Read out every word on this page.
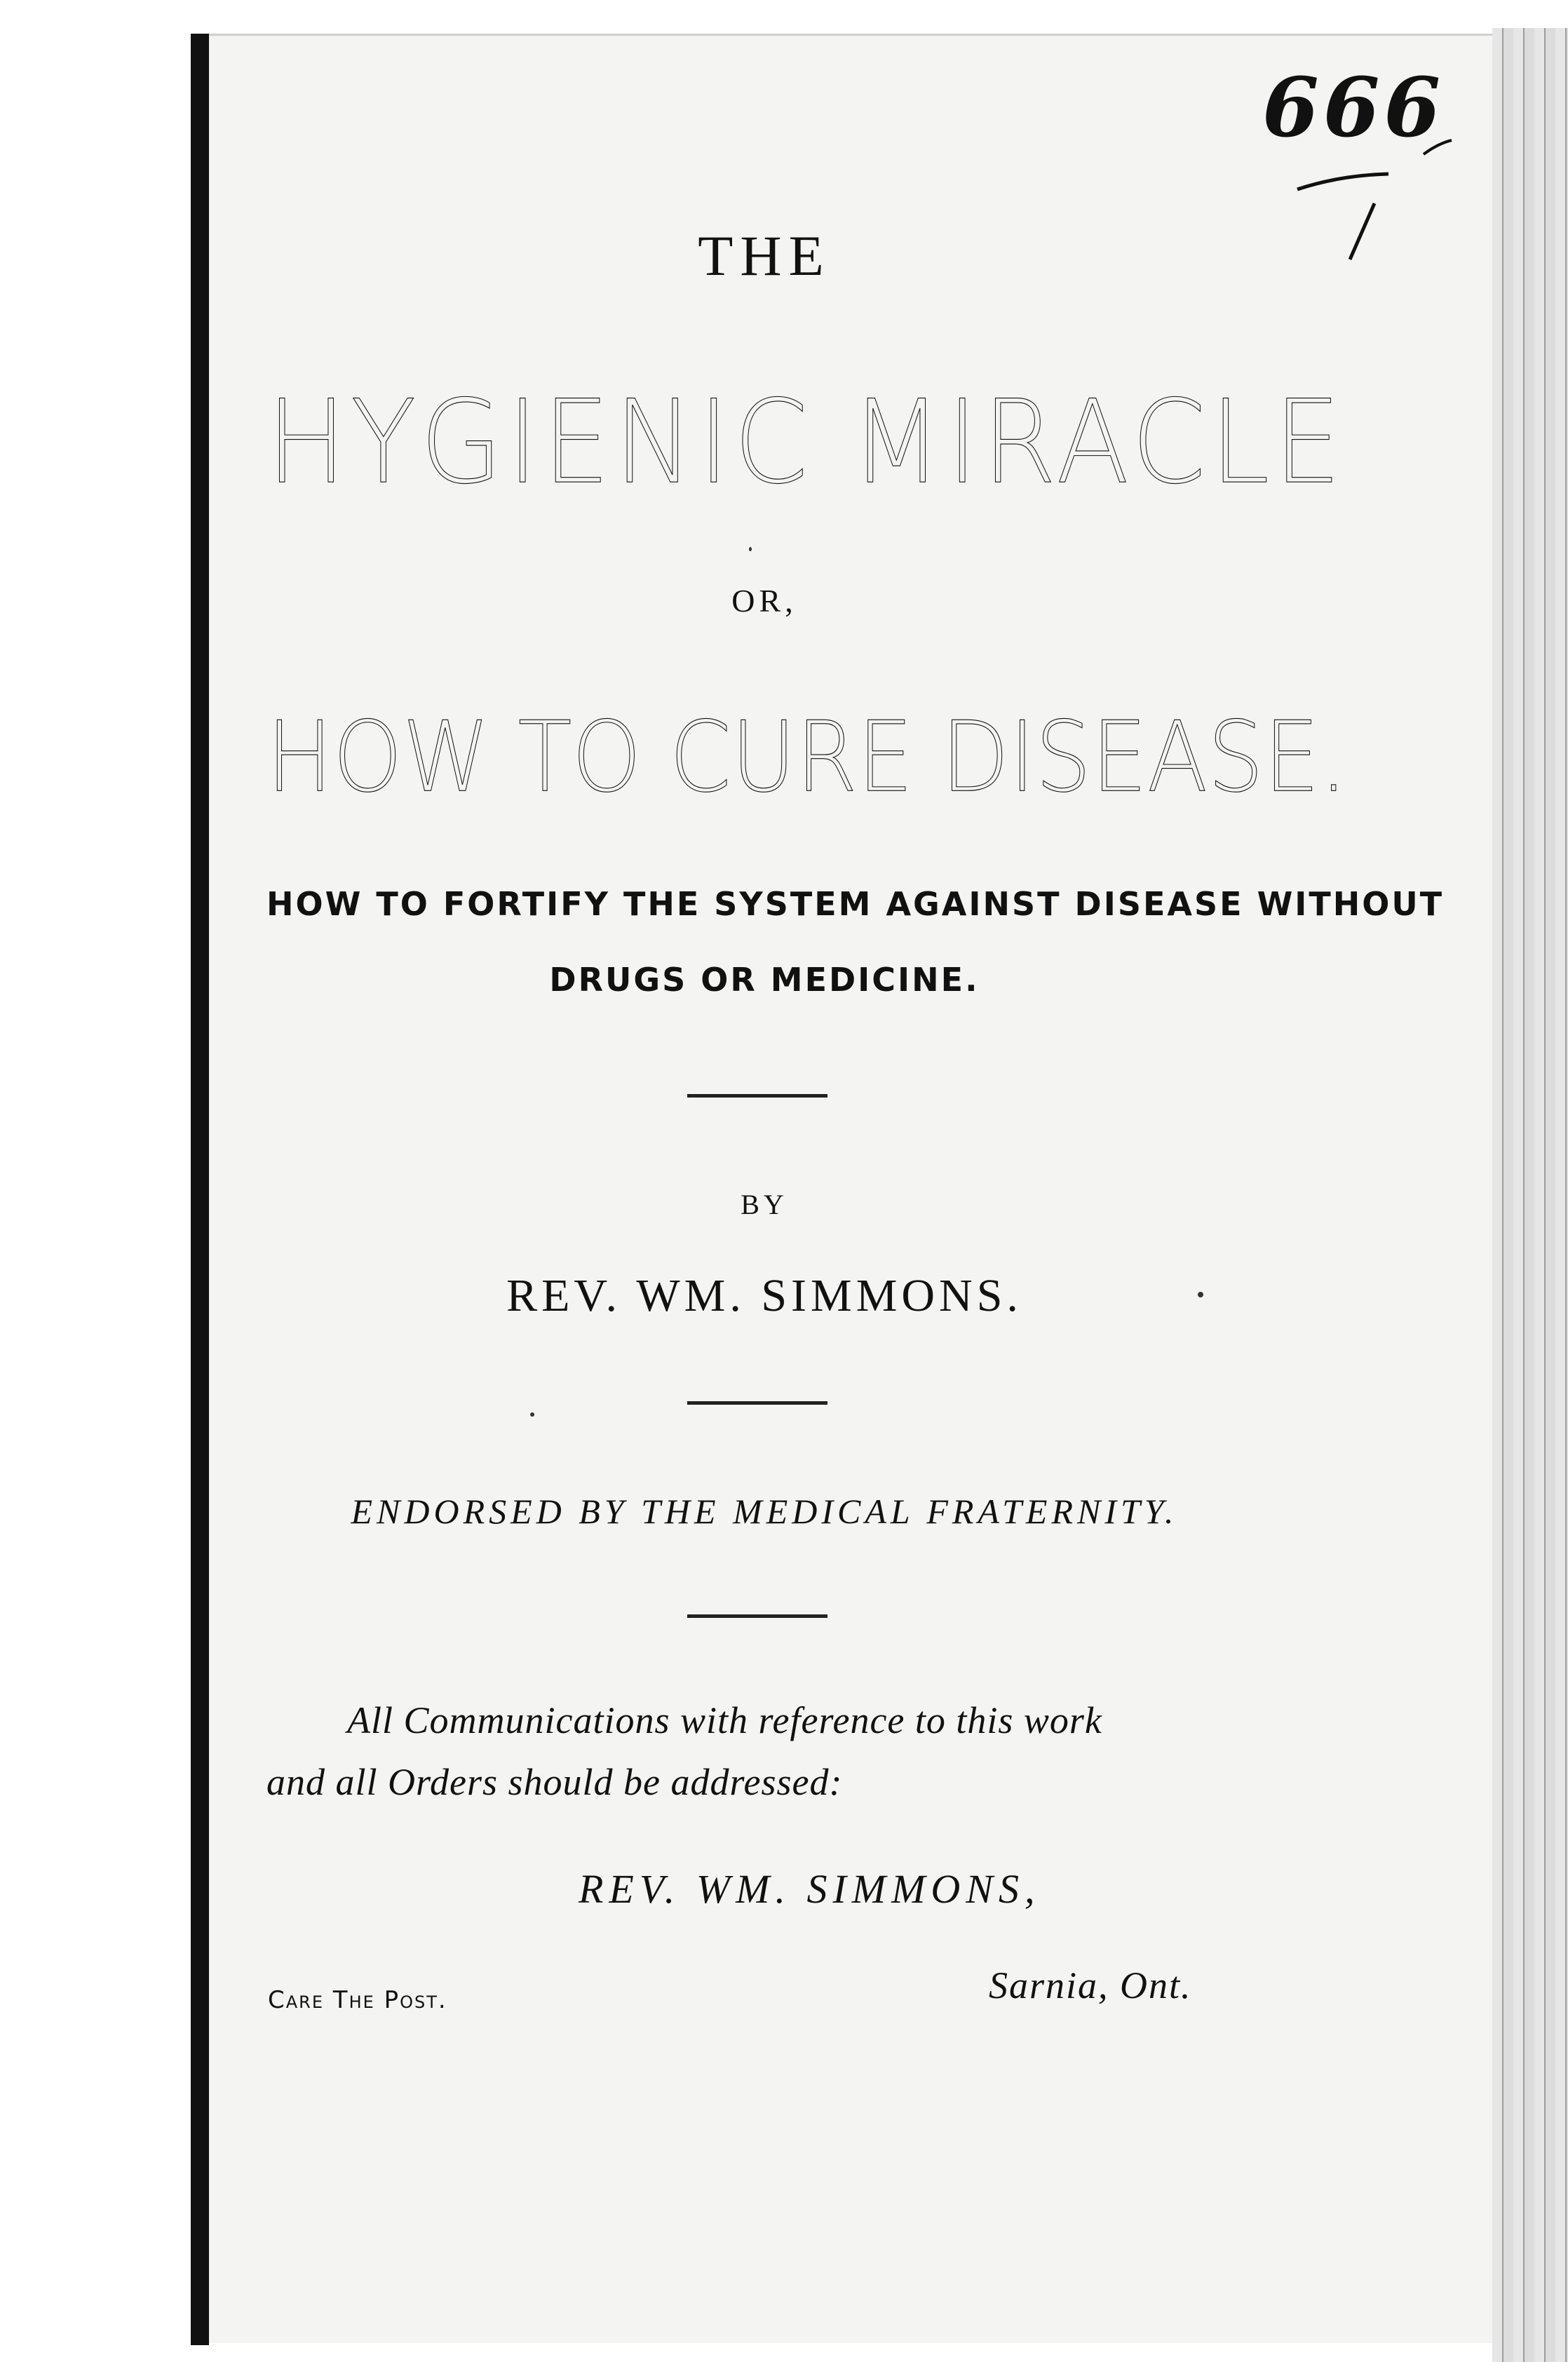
666
THE
HYGIENIC MIRACLE
OR,
HOW TO CURE DISEASE.
HOW TO FORTIFY THE SYSTEM AGAINST DISEASE WITHOUT
DRUGS OR MEDICINE.
BY
REV. WM. SIMMONS.
ENDORSED BY THE MEDICAL FRATERNITY.
All Communications with reference to this work
and all Orders should be addressed:
REV. WM. SIMMONS,
Care The Post.	Sarnia, Ont.
